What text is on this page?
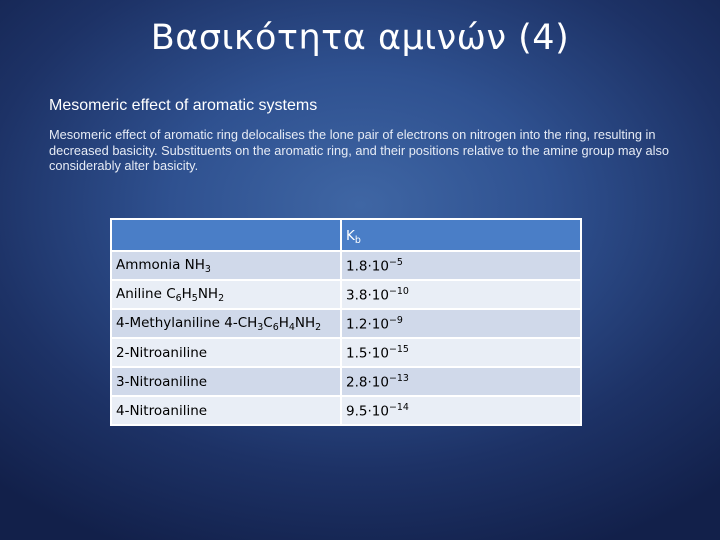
Βασικότητα αμινών (4)
Mesomeric effect of aromatic systems
Mesomeric effect of aromatic ring delocalises the lone pair of electrons on nitrogen into the ring, resulting in decreased basicity. Substituents on the aromatic ring, and their positions relative to the amine group may also considerably alter basicity.
	$K_b$
Ammonia $NH_3$	$1.8\cdot 10^{-5}$
Aniline $C_6H_5NH_2$	$3.8\cdot 10^{-10}$
4-Methylaniline $4-CH_3C_6H_4NH_2$	$1.2\cdot 10^{-9}$
2-Nitroaniline	$1.5\cdot 10^{-15}$
3-Nitroaniline	$2.8\cdot 10^{-13}$
4-Nitroaniline	$9.5\cdot 10^{-14}$
